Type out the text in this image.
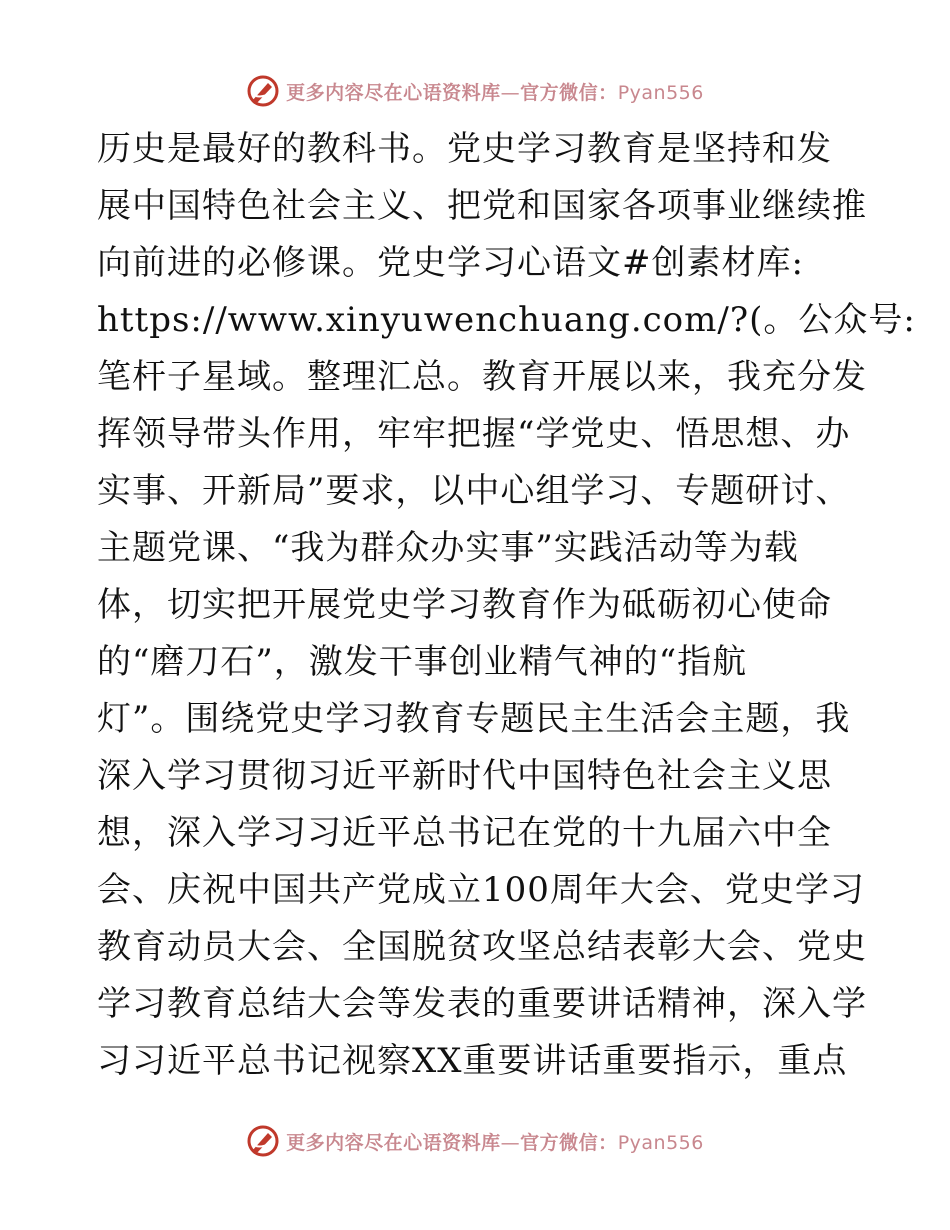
更多内容尽在心语资料库—官方微信：Pyan556
历史是最好的教科书。党史学习教育是坚持和发
展中国特色社会主义、把党和国家各项事业继续推
向前进的必修课。党史学习心语文#创素材库:
https://www.xinyuwenchuang.com/?(。公众号:
笔杆子星域。整理汇总。教育开展以来，我充分发
挥领导带头作用，牢牢把握“学党史、悟思想、办
实事、开新局”要求，以中心组学习、专题研讨、
主题党课、“我为群众办实事”实践活动等为载
体，切实把开展党史学习教育作为砥砺初心使命
的“磨刀石”，激发干事创业精气神的“指航
灯”。围绕党史学习教育专题民主生活会主题，我
深入学习贯彻习近平新时代中国特色社会主义思
想，深入学习习近平总书记在党的十九届六中全
会、庆祝中国共产党成立100周年大会、党史学习
教育动员大会、全国脱贫攻坚总结表彰大会、党史
学习教育总结大会等发表的重要讲话精神，深入学
习习近平总书记视察XX重要讲话重要指示，重点
更多内容尽在心语资料库—官方微信：Pyan556
